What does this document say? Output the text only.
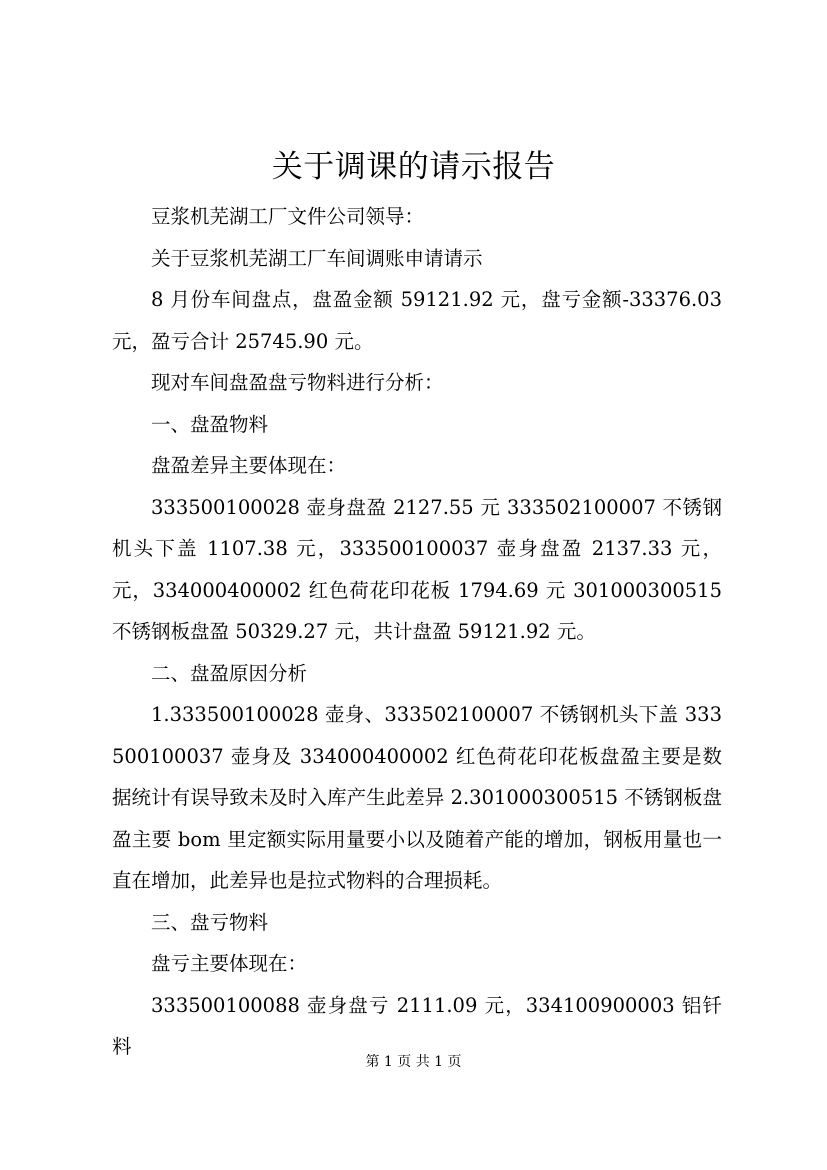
关于调课的请示报告

豆浆机芜湖工厂文件公司领导：

关于豆浆机芜湖工厂车间调账申请请示

8 月份车间盘点，盘盈金额 59121.92 元，盘亏金额-33376.03 元，盈亏合计 25745.90 元。

现对车间盘盈盘亏物料进行分析：

一、盘盈物料

盘盈差异主要体现在：

333500100028 壶身盘盈 2127.55 元 333502100007 不锈钢机头下盖 1107.38 元，333500100037 壶身盘盈 2137.33 元，元，334000400002 红色荷花印花板 1794.69 元 301000300515 不锈钢板盘盈 50329.27 元，共计盘盈 59121.92 元。

二、盘盈原因分析

1.333500100028 壶身、333502100007 不锈钢机头下盖 333500100037 壶身及 334000400002 红色荷花印花板盘盈主要是数据统计有误导致未及时入库产生此差异 2.301000300515 不锈钢板盘盈主要 bom 里定额实际用量要小以及随着产能的增加，钢板用量也一直在增加，此差异也是拉式物料的合理损耗。

三、盘亏物料

盘亏主要体现在：

333500100088 壶身盘亏 2111.09 元，334100900003 铝钎料

第 1 页 共 1 页
